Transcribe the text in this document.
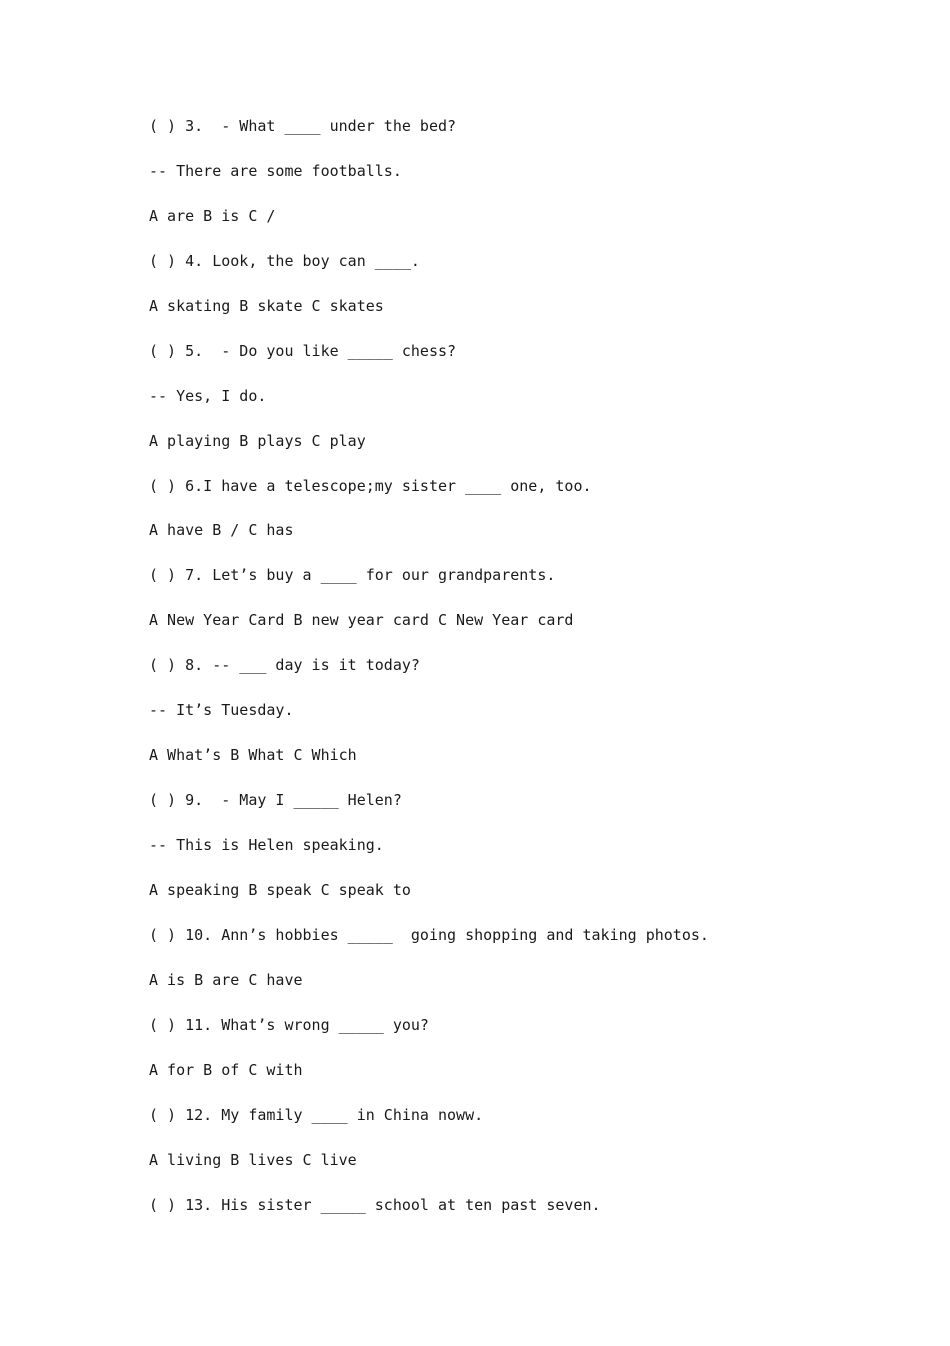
( ) 3.  - What ____ under the bed?
-- There are some footballs.
A are B is C /
( ) 4. Look, the boy can ____.
A skating B skate C skates
( ) 5.  - Do you like _____ chess?
-- Yes, I do.
A playing B plays C play
( ) 6.I have a telescope;my sister ____ one, too.
A have B / C has
( ) 7. Let’s buy a ____ for our grandparents.
A New Year Card B new year card C New Year card
( ) 8. -- ___ day is it today?
-- It’s Tuesday.
A What’s B What C Which
( ) 9.  - May I _____ Helen?
-- This is Helen speaking.
A speaking B speak C speak to
( ) 10. Ann’s hobbies _____  going shopping and taking photos.
A is B are C have
( ) 11. What’s wrong _____ you?
A for B of C with
( ) 12. My family ____ in China noww.
A living B lives C live
( ) 13. His sister _____ school at ten past seven.
